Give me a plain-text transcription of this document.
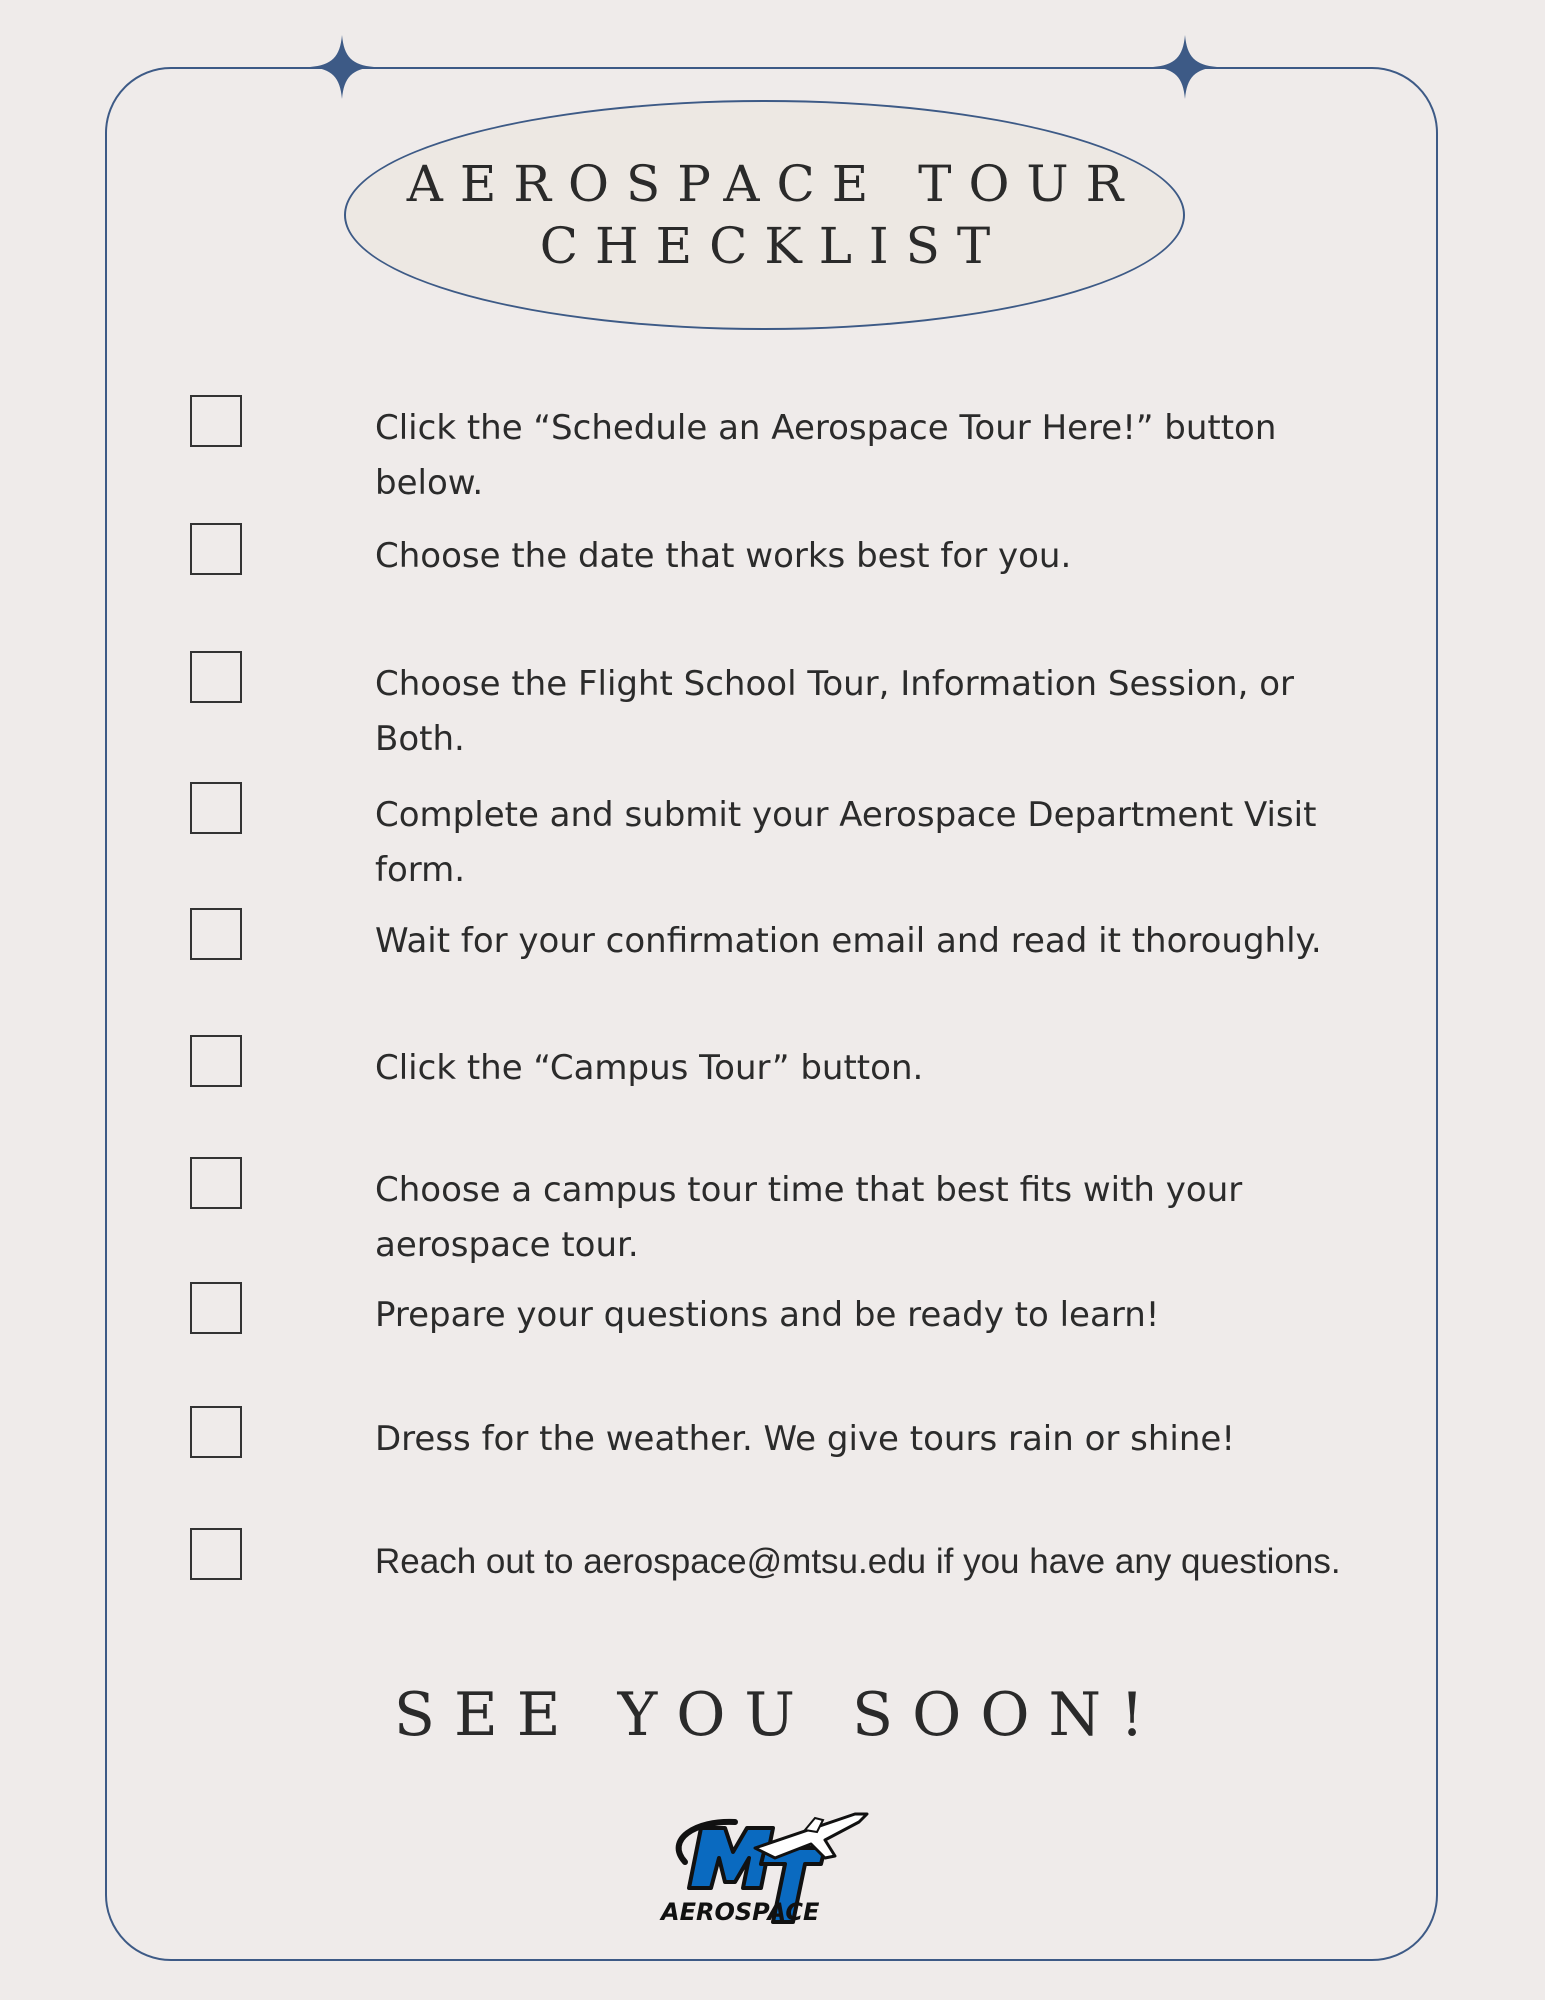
AEROSPACE TOUR
CHECKLIST
Click the “Schedule an Aerospace Tour Here!” button below.
Choose the date that works best for you.
Choose the Flight School Tour, Information Session, or Both.
Complete and submit your Aerospace Department Visit form.
Wait for your confirmation email and read it thoroughly.
Click the “Campus Tour” button.
Choose a campus tour time that best fits with your aerospace tour.
Prepare your questions and be ready to learn!
Dress for the weather. We give tours rain or shine!
Reach out to aerospace@mtsu.edu if you have any questions.
SEE YOU SOON!
AEROSPACE
